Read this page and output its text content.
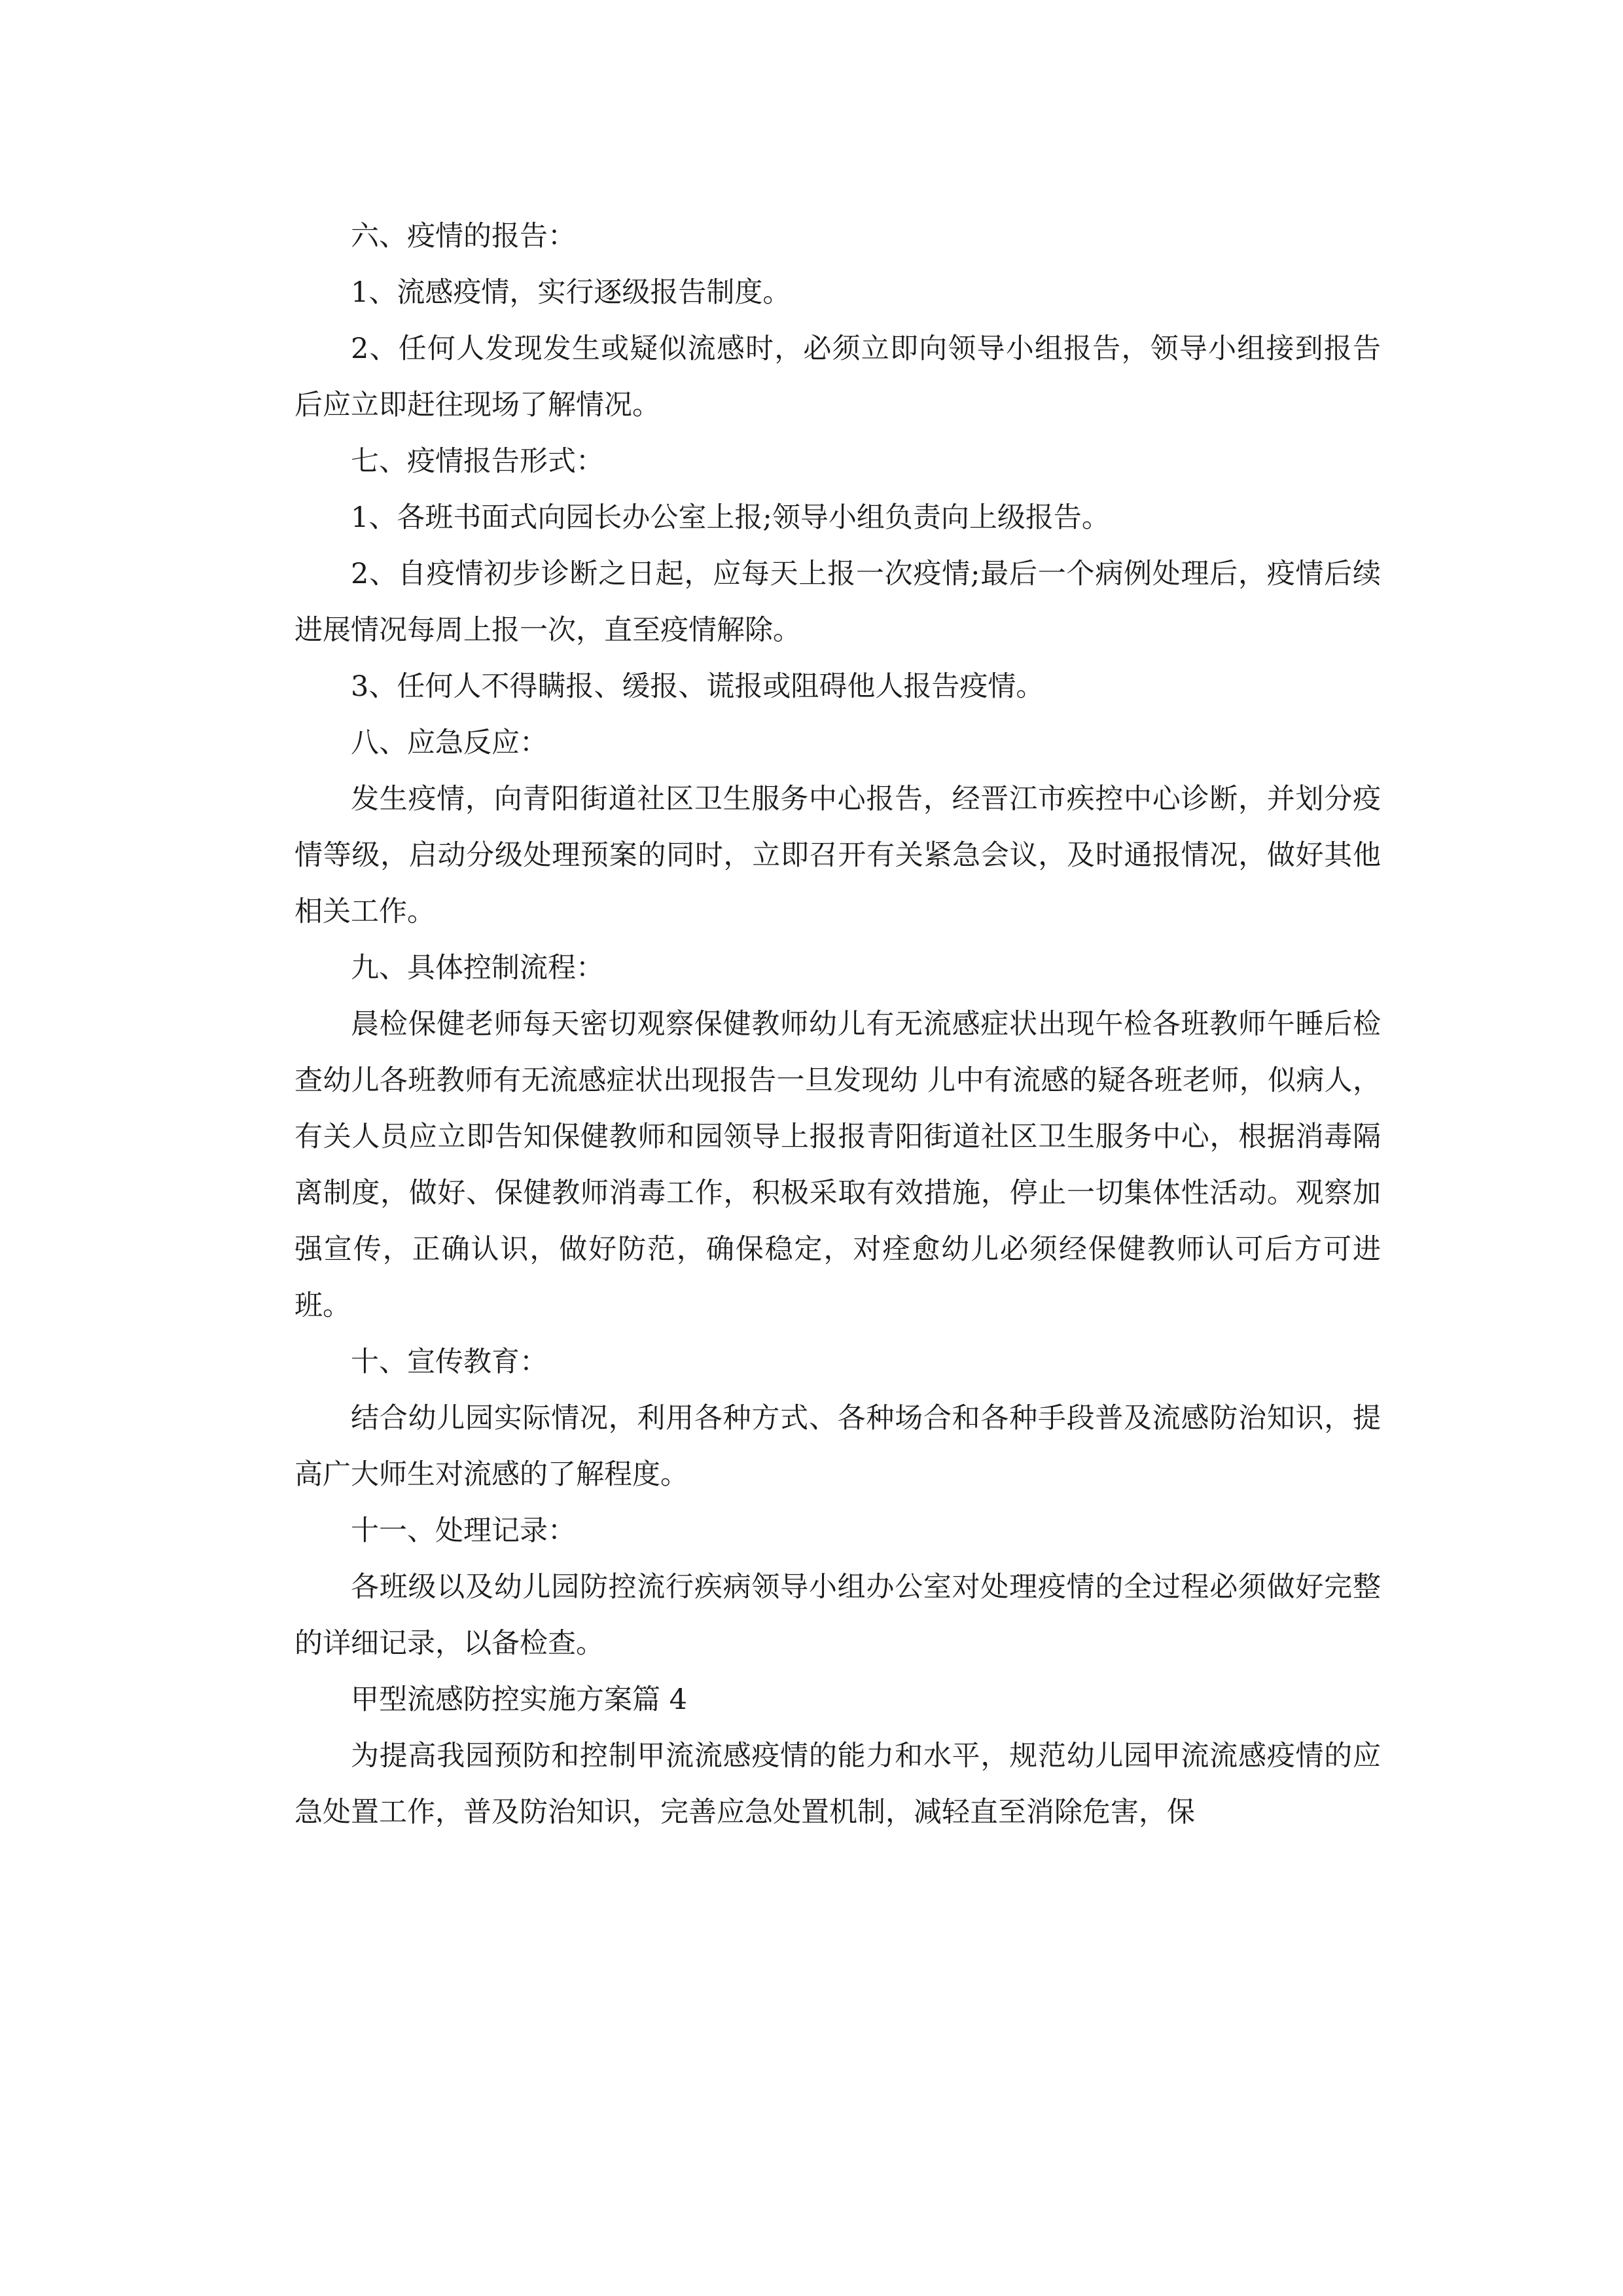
六、疫情的报告：

1、流感疫情，实行逐级报告制度。

2、任何人发现发生或疑似流感时，必须立即向领导小组报告，领导小组接到报告后应立即赶往现场了解情况。

七、疫情报告形式：

1、各班书面式向园长办公室上报;领导小组负责向上级报告。

2、自疫情初步诊断之日起，应每天上报一次疫情;最后一个病例处理后，疫情后续进展情况每周上报一次，直至疫情解除。

3、任何人不得瞒报、缓报、谎报或阻碍他人报告疫情。

八、应急反应：

发生疫情，向青阳街道社区卫生服务中心报告，经晋江市疾控中心诊断，并划分疫情等级，启动分级处理预案的同时，立即召开有关紧急会议，及时通报情况，做好其他相关工作。

九、具体控制流程：

晨检保健老师每天密切观察保健教师幼儿有无流感症状出现午检各班教师午睡后检查幼儿各班教师有无流感症状出现报告一旦发现幼 儿中有流感的疑各班老师，似病人，有关人员应立即告知保健教师和园领导上报报青阳街道社区卫生服务中心，根据消毒隔离制度，做好、保健教师消毒工作，积极采取有效措施，停止一切集体性活动。观察加强宣传，正确认识，做好防范，确保稳定，对痊愈幼儿必须经保健教师认可后方可进班。

十、宣传教育：

结合幼儿园实际情况，利用各种方式、各种场合和各种手段普及流感防治知识，提高广大师生对流感的了解程度。

十一、处理记录：

各班级以及幼儿园防控流行疾病领导小组办公室对处理疫情的全过程必须做好完整的详细记录，以备检查。

甲型流感防控实施方案篇 4

为提高我园预防和控制甲流流感疫情的能力和水平，规范幼儿园甲流流感疫情的应急处置工作，普及防治知识，完善应急处置机制，减轻直至消除危害，保
